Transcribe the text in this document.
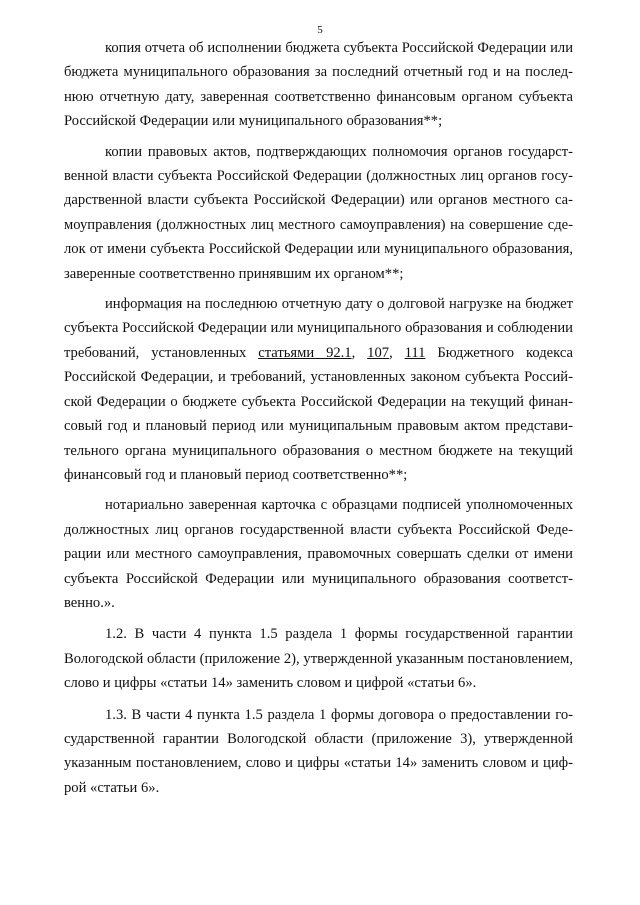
5

копия отчета об исполнении бюджета субъекта Российской Федерации или бюджета муниципального образования за последний отчетный год и на последнюю отчетную дату, заверенная соответственно финансовым органом субъекта Российской Федерации или муниципального образования**;

копии правовых актов, подтверждающих полномочия органов государственной власти субъекта Российской Федерации (должностных лиц органов государственной власти субъекта Российской Федерации) или органов местного самоуправления (должностных лиц местного самоуправления) на совершение сделок от имени субъекта Российской Федерации или муниципального образования, заверенные соответственно принявшим их органом**;

информация на последнюю отчетную дату о долговой нагрузке на бюджет субъекта Российской Федерации или муниципального образования и соблюдении требований, установленных статьями 92.1, 107, 111 Бюджетного кодекса Российской Федерации, и требований, установленных законом субъекта Российской Федерации о бюджете субъекта Российской Федерации на текущий финансовый год и плановый период или муниципальным правовым актом представительного органа муниципального образования о местном бюджете на текущий финансовый год и плановый период соответственно**;

нотариально заверенная карточка с образцами подписей уполномоченных должностных лиц органов государственной власти субъекта Российской Федерации или местного самоуправления, правомочных совершать сделки от имени субъекта Российской Федерации или муниципального образования соответственно.».

1.2. В части 4 пункта 1.5 раздела 1 формы государственной гарантии Вологодской области (приложение 2), утвержденной указанным постановлением, слово и цифры «статьи 14» заменить словом и цифрой «статьи 6».

1.3. В части 4 пункта 1.5 раздела 1 формы договора о предоставлении государственной гарантии Вологодской области (приложение 3), утвержденной указанным постановлением, слово и цифры «статьи 14» заменить словом и цифрой «статьи 6».
